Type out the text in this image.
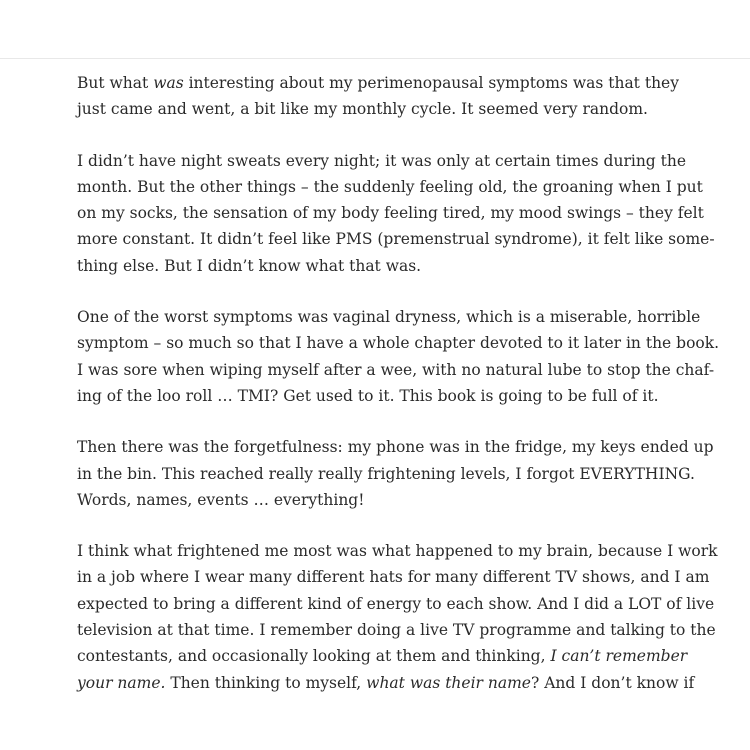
But what was interesting about my perimenopausal symptoms was that they
just came and went, a bit like my monthly cycle. It seemed very random.

I didn’t have night sweats every night; it was only at certain times during the
month. But the other things – the suddenly feeling old, the groaning when I put
on my socks, the sensation of my body feeling tired, my mood swings – they felt
more constant. It didn’t feel like PMS (premenstrual syndrome), it felt like some-
thing else. But I didn’t know what that was.

One of the worst symptoms was vaginal dryness, which is a miserable, horrible
symptom – so much so that I have a whole chapter devoted to it later in the book.
I was sore when wiping myself after a wee, with no natural lube to stop the chaf-
ing of the loo roll … TMI? Get used to it. This book is going to be full of it.

Then there was the forgetfulness: my phone was in the fridge, my keys ended up
in the bin. This reached really really frightening levels, I forgot EVERYTHING.
Words, names, events … everything!

I think what frightened me most was what happened to my brain, because I work
in a job where I wear many different hats for many different TV shows, and I am
expected to bring a different kind of energy to each show. And I did a LOT of live
television at that time. I remember doing a live TV programme and talking to the
contestants, and occasionally looking at them and thinking, I can’t remember
your name. Then thinking to myself, what was their name? And I don’t know if
